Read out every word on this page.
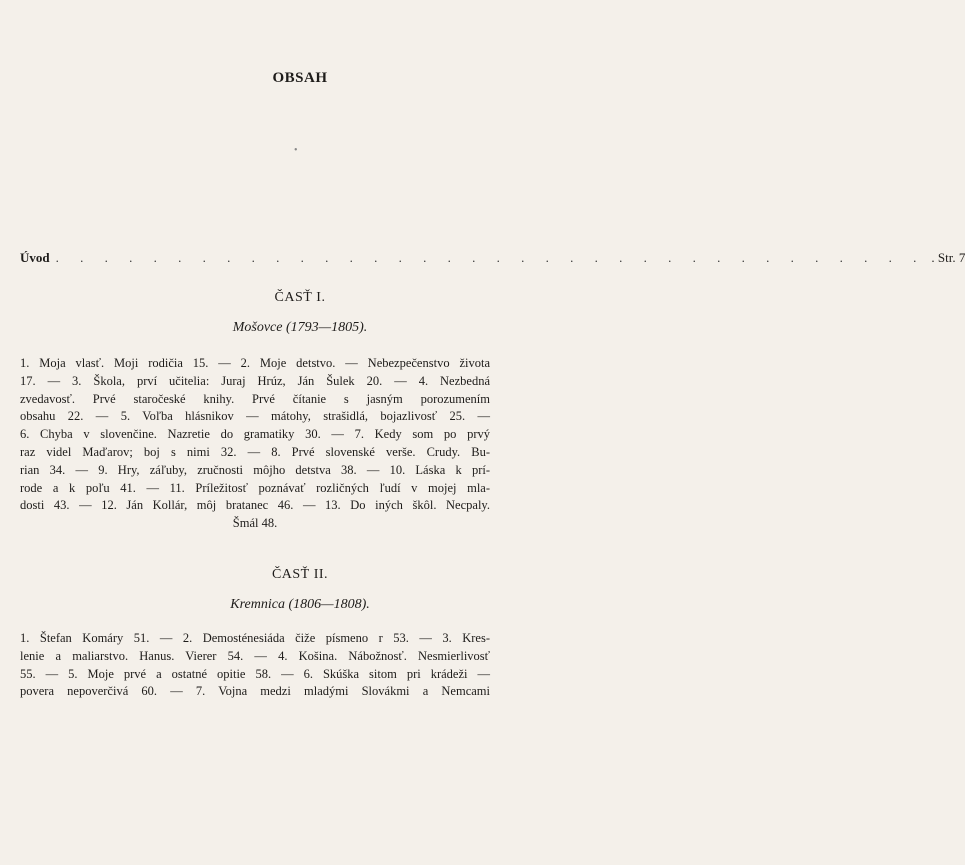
OBSAH
•
Úvod . . . . . . . . . . . . . . . . . . . . . . . . . . . . . . . . . . . . . Str. 7
ČASŤ I.
Mošovce (1793—1805).
1. Moja vlasť. Moji rodičia 15. — 2. Moje detstvo. — Nebezpečenstvo života
17. — 3. Škola, prví učitelia: Juraj Hrúz, Ján Šulek 20. — 4. Nezbedná
zvedavosť. Prvé staročeské knihy. Prvé čítanie s jasným porozumením
obsahu 22. — 5. Voľba hlásnikov — mátohy, strašidlá, bojazlivosť 25. —
6. Chyba v slovenčine. Nazretie do gramatiky 30. — 7. Kedy som po prvý
raz videl Maďarov; boj s nimi 32. — 8. Prvé slovenské verše. Crudy. Bu-
rian 34. — 9. Hry, záľuby, zručnosti môjho detstva 38. — 10. Láska k prí-
rode a k poľu 41. — 11. Príležitosť poznávať rozličných ľudí v mojej mla-
dosti 43. — 12. Ján Kollár, môj bratanec 46. — 13. Do iných škôl. Necpaly.
Šmál 48.
ČASŤ II.
Kremnica (1806—1808).
1. Štefan Komáry 51. — 2. Demosténesiáda čiže písmeno r 53. — 3. Kres-
lenie a maliarstvo. Hanus. Vierer 54. — 4. Košina. Nábožnosť. Nesmierlivosť
55. — 5. Moje prvé a ostatné opitie 58. — 6. Skúška sitom pri krádeži —
povera nepoverčivá 60. — 7. Vojna medzi mladými Slovákmi a Nemcami
